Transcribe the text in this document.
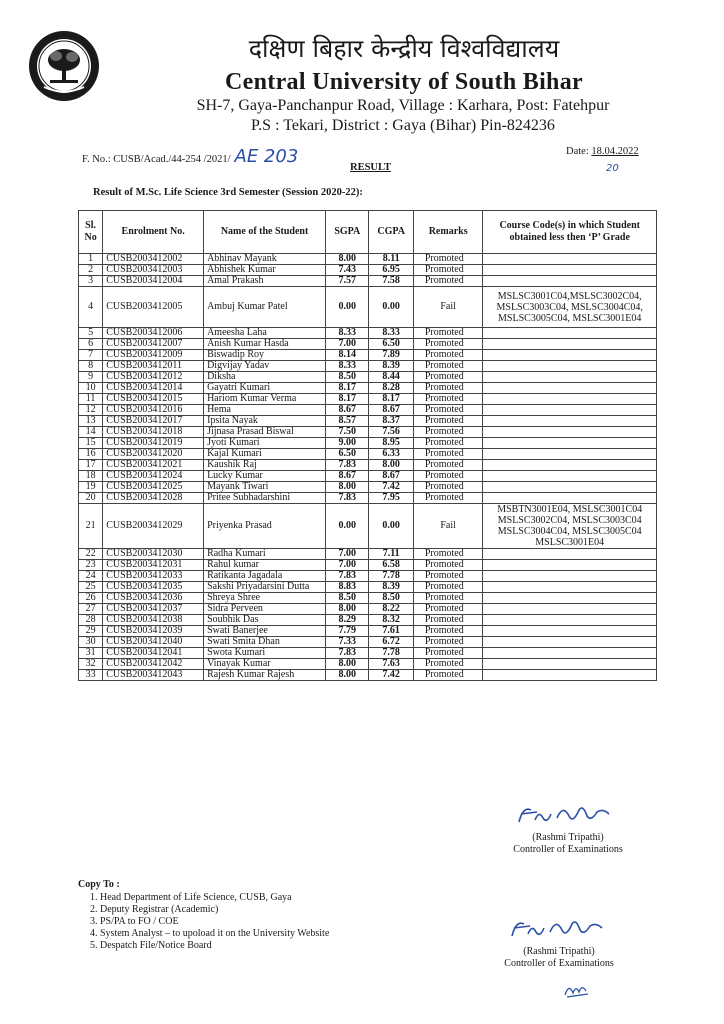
दक्षिण बिहार केन्द्रीय विश्वविद्यालय
Central University of South Bihar
SH-7, Gaya-Panchanpur Road, Village : Karhara, Post: Fatehpur
P.S : Tekari, District : Gaya (Bihar) Pin-824236
F. No.: CUSB/Acad./44-254 /2021/ AE 203	Date: 18.04.2022
20
RESULT
Result of M.Sc. Life Science 3rd Semester (Session 2020-22):
Sl. No	Enrolment No.	Name of the Student	SGPA	CGPA	Remarks	Course Code(s) in which Student obtained less then ‘P’ Grade
1	CUSB2003412002	Abhinav Mayank	8.00	8.11	Promoted	
2	CUSB2003412003	Abhishek Kumar	7.43	6.95	Promoted	
3	CUSB2003412004	Amal Prakash	7.57	7.58	Promoted	
4	CUSB2003412005	Ambuj Kumar Patel	0.00	0.00	Fail	MSLSC3001C04,MSLSC3002C04, MSLSC3003C04, MSLSC3004C04, MSLSC3005C04, MSLSC3001E04
5	CUSB2003412006	Ameesha Laha	8.33	8.33	Promoted	
6	CUSB2003412007	Anish Kumar Hasda	7.00	6.50	Promoted	
7	CUSB2003412009	Biswadip Roy	8.14	7.89	Promoted	
8	CUSB2003412011	Digvijay Yadav	8.33	8.39	Promoted	
9	CUSB2003412012	Diksha	8.50	8.44	Promoted	
10	CUSB2003412014	Gayatri Kumari	8.17	8.28	Promoted	
11	CUSB2003412015	Hariom Kumar Verma	8.17	8.17	Promoted	
12	CUSB2003412016	Hema	8.67	8.67	Promoted	
13	CUSB2003412017	Ipsita Nayak	8.57	8.37	Promoted	
14	CUSB2003412018	Jijnasa Prasad Biswal	7.50	7.56	Promoted	
15	CUSB2003412019	Jyoti Kumari	9.00	8.95	Promoted	
16	CUSB2003412020	Kajal Kumari	6.50	6.33	Promoted	
17	CUSB2003412021	Kaushik Raj	7.83	8.00	Promoted	
18	CUSB2003412024	Lucky Kumar	8.67	8.67	Promoted	
19	CUSB2003412025	Mayank Tiwari	8.00	7.42	Promoted	
20	CUSB2003412028	Pritee Subhadarshini	7.83	7.95	Promoted	
21	CUSB2003412029	Priyenka Prasad	0.00	0.00	Fail	MSBTN3001E04, MSLSC3001C04 MSLSC3002C04, MSLSC3003C04 MSLSC3004C04, MSLSC3005C04 MSLSC3001E04
22	CUSB2003412030	Radha Kumari	7.00	7.11	Promoted	
23	CUSB2003412031	Rahul kumar	7.00	6.58	Promoted	
24	CUSB2003412033	Ratikanta Jagadala	7.83	7.78	Promoted	
25	CUSB2003412035	Sakshi Priyadarsini Dutta	8.83	8.39	Promoted	
26	CUSB2003412036	Shreya Shree	8.50	8.50	Promoted	
27	CUSB2003412037	Sidra Perveen	8.00	8.22	Promoted	
28	CUSB2003412038	Soubhik Das	8.29	8.32	Promoted	
29	CUSB2003412039	Swati Banerjee	7.79	7.61	Promoted	
30	CUSB2003412040	Swati Smita Dhan	7.33	6.72	Promoted	
31	CUSB2003412041	Swota Kumari	7.83	7.78	Promoted	
32	CUSB2003412042	Vinayak Kumar	8.00	7.63	Promoted	
33	CUSB2003412043	Rajesh Kumar Rajesh	8.00	7.42	Promoted	
(Rashmi Tripathi)
Controller of Examinations
Copy To :
1. Head Department of Life Science, CUSB, Gaya
2. Deputy Registrar (Academic)
3. PS/PA to FO / COE
4. System Analyst – to upoload it on the University Website
5. Despatch File/Notice Board
(Rashmi Tripathi)
Controller of Examinations
